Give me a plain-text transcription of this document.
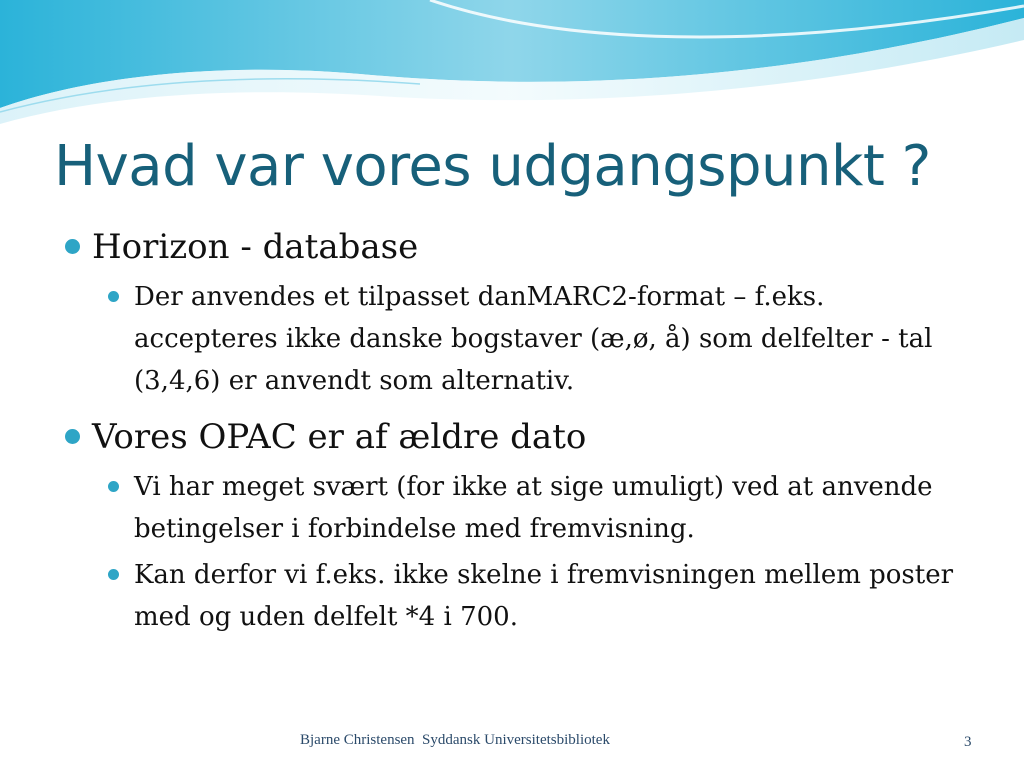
Hvad var vores udgangspunkt ?
Horizon - database
Der anvendes et tilpasset danMARC2-format – f.eks. accepteres ikke danske bogstaver (æ,ø, å) som delfelter - tal (3,4,6) er anvendt som alternativ.
Vores OPAC er af ældre dato
Vi har meget svært (for ikke at sige umuligt) ved at anvende betingelser i forbindelse med fremvisning.
Kan derfor vi f.eks. ikke skelne i fremvisningen mellem poster med og uden delfelt *4 i 700.
Bjarne Christensen  Syddansk Universitetsbibliotek	3
